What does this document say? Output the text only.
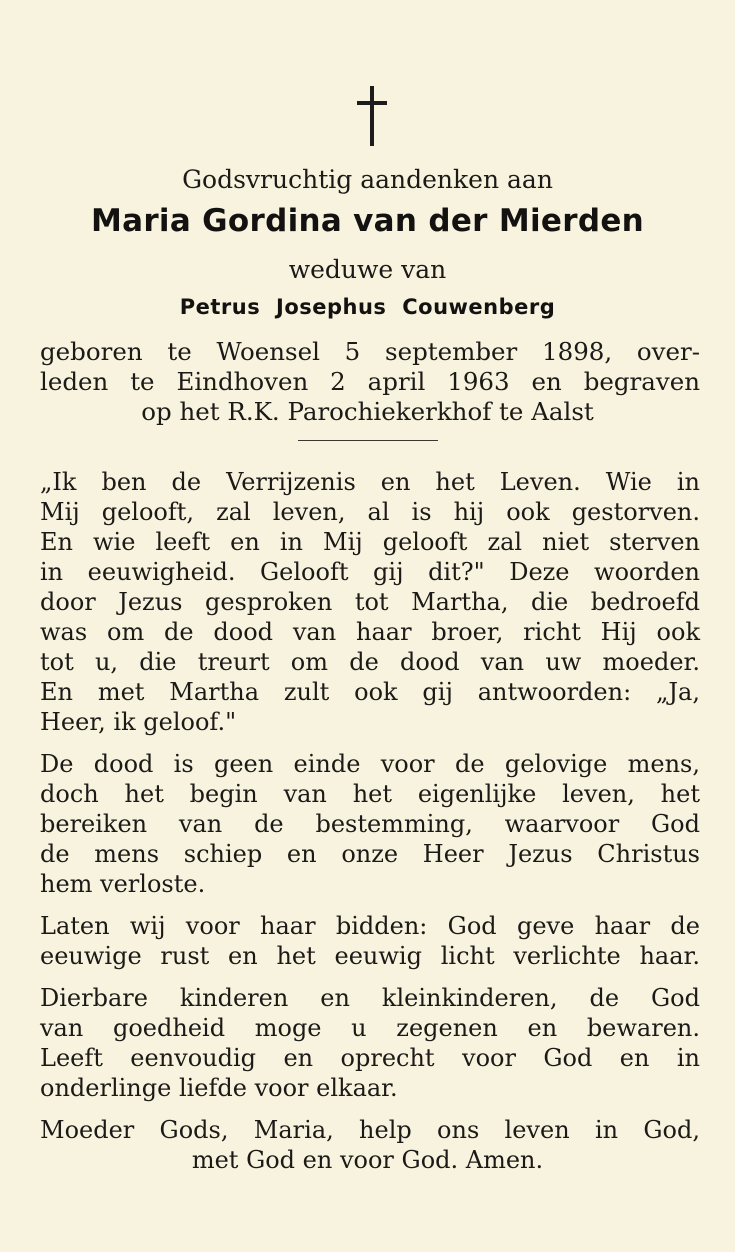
Godsvruchtig aandenken aan
Maria Gordina van der Mierden
weduwe van
Petrus Josephus Couwenberg
geboren te Woensel 5 september 1898, over-
leden te Eindhoven 2 april 1963 en begraven
op het R.K. Parochiekerkhof te Aalst
„Ik ben de Verrijzenis en het Leven. Wie in
Mij gelooft, zal leven, al is hij ook gestorven.
En wie leeft en in Mij gelooft zal niet sterven
in eeuwigheid. Gelooft gij dit?" Deze woorden
door Jezus gesproken tot Martha, die bedroefd
was om de dood van haar broer, richt Hij ook
tot u, die treurt om de dood van uw moeder.
En met Martha zult ook gij antwoorden: „Ja,
Heer, ik geloof."
De dood is geen einde voor de gelovige mens,
doch het begin van het eigenlijke leven, het
bereiken van de bestemming, waarvoor God
de mens schiep en onze Heer Jezus Christus
hem verloste.
Laten wij voor haar bidden: God geve haar de
eeuwige rust en het eeuwig licht verlichte haar.
Dierbare kinderen en kleinkinderen, de God
van goedheid moge u zegenen en bewaren.
Leeft eenvoudig en oprecht voor God en in
onderlinge liefde voor elkaar.
Moeder Gods, Maria, help ons leven in God,
met God en voor God. Amen.
